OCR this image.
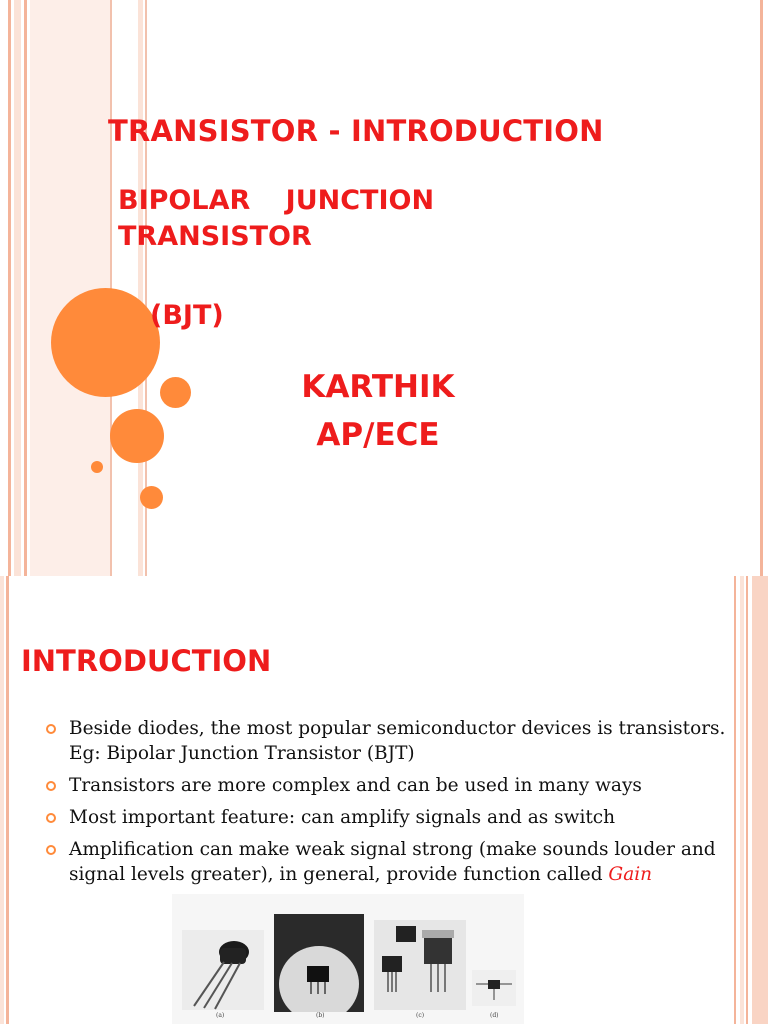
TRANSISTOR - INTRODUCTION
BIPOLAR JUNCTION TRANSISTOR
(BJT)
KARTHIK
AP/ECE
INTRODUCTION
Beside diodes, the most popular semiconductor devices is transistors. Eg: Bipolar Junction Transistor (BJT)
Transistors are more complex and can be used in many ways
Most important feature: can amplify signals and as switch
Amplification can make weak signal strong (make sounds louder and signal levels greater), in general, provide function called Gain
(a)	(b)	(c)	(d)
